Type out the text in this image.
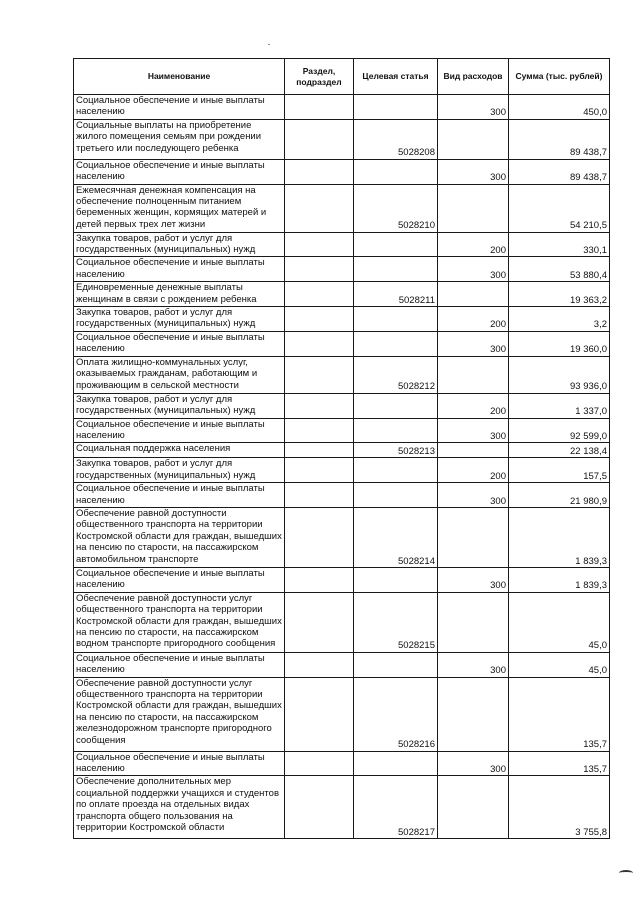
Наименование	Раздел, подраздел	Целевая статья	Вид расходов	Сумма (тыс. рублей)
Социальное обеспечение и иные выплаты населению			300	450,0
Социальные выплаты на приобретение жилого помещения семьям при рождении третьего или последующего ребенка		5028208		89 438,7
Социальное обеспечение и иные выплаты населению			300	89 438,7
Ежемесячная денежная компенсация на обеспечение полноценным питанием беременных женщин, кормящих матерей и детей первых трех лет жизни		5028210		54 210,5
Закупка товаров, работ и услуг для государственных (муниципальных) нужд			200	330,1
Социальное обеспечение и иные выплаты населению			300	53 880,4
Единовременные денежные выплаты женщинам в связи с рождением ребенка		5028211		19 363,2
Закупка товаров, работ и услуг для государственных (муниципальных) нужд			200	3,2
Социальное обеспечение и иные выплаты населению			300	19 360,0
Оплата жилищно-коммунальных услуг, оказываемых гражданам, работающим и проживающим в сельской местности		5028212		93 936,0
Закупка товаров, работ и услуг для государственных (муниципальных) нужд			200	1 337,0
Социальное обеспечение и иные выплаты населению			300	92 599,0
Социальная поддержка населения		5028213		22 138,4
Закупка товаров, работ и услуг для государственных (муниципальных) нужд			200	157,5
Социальное обеспечение и иные выплаты населению			300	21 980,9
Обеспечение равной доступности общественного транспорта на территории Костромской области для граждан, вышедших на пенсию по старости, на пассажирском автомобильном транспорте		5028214		1 839,3
Социальное обеспечение и иные выплаты населению			300	1 839,3
Обеспечение равной доступности услуг общественного транспорта на территории Костромской области для граждан, вышедших на пенсию по старости, на пассажирском водном транспорте пригородного сообщения		5028215		45,0
Социальное обеспечение и иные выплаты населению			300	45,0
Обеспечение равной доступности услуг общественного транспорта на территории Костромской области для граждан, вышедших на пенсию по старости, на пассажирском железнодорожном транспорте пригородного сообщения		5028216		135,7
Социальное обеспечение и иные выплаты населению			300	135,7
Обеспечение дополнительных мер социальной поддержки учащихся и студентов по оплате проезда на отдельных видах транспорта общего пользования на территории Костромской области		5028217		3 755,8
